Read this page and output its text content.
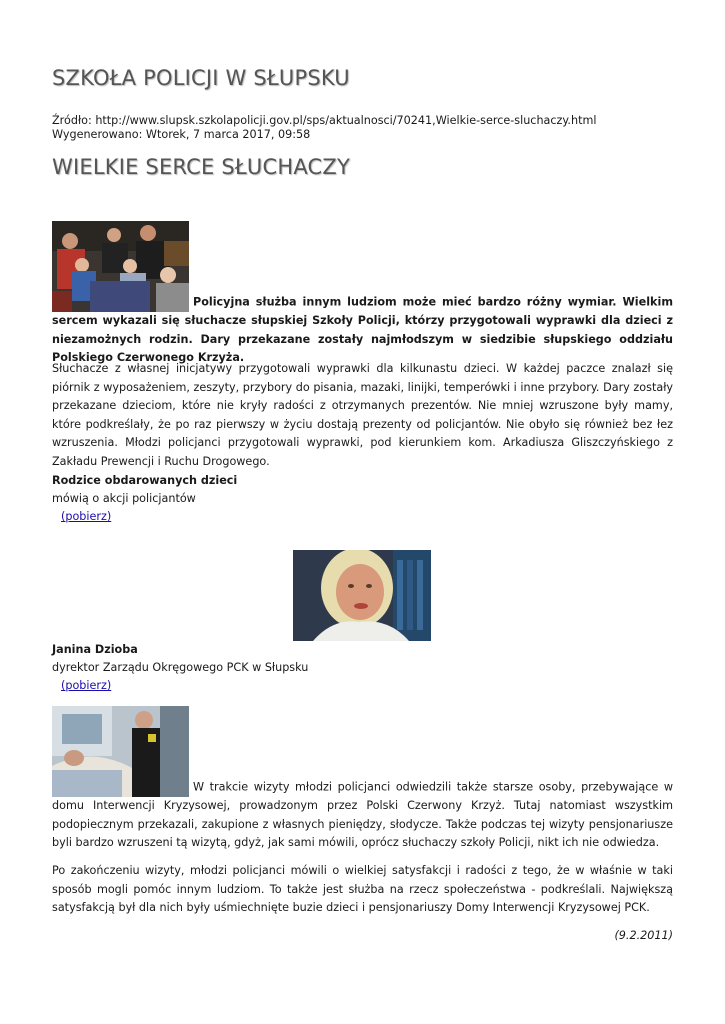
SZKOŁA POLICJI W SŁUPSKU
Źródło: http://www.slupsk.szkolapolicji.gov.pl/sps/aktualnosci/70241,Wielkie-serce-sluchaczy.html
Wygenerowano: Wtorek, 7 marca 2017, 09:58
WIELKIE SERCE SŁUCHACZY
Policyjna służba innym ludziom może mieć bardzo różny wymiar. Wielkim sercem wykazali się słuchacze słupskiej Szkoły Policji, którzy przygotowali wyprawki dla dzieci z niezamożnych rodzin. Dary przekazane zostały najmłodszym w siedzibie słupskiego oddziału Polskiego Czerwonego Krzyża.
Słuchacze z własnej inicjatywy przygotowali wyprawki dla kilkunastu dzieci. W każdej paczce znalazł się piórnik z wyposażeniem, zeszyty, przybory do pisania, mazaki, linijki, temperówki i inne przybory. Dary zostały przekazane dzieciom, które nie kryły radości z otrzymanych prezentów. Nie mniej wzruszone były mamy, które podkreślały, że po raz pierwszy w życiu dostają prezenty od policjantów. Nie obyło się również bez łez wzruszenia. Młodzi policjanci przygotowali wyprawki, pod kierunkiem kom. Arkadiusza Gliszczyńskiego z Zakładu Prewencji i Ruchu Drogowego.
Rodzice obdarowanych dzieci
mówią o akcji policjantów
(pobierz)
Janina Dzioba
dyrektor Zarządu Okręgowego PCK w Słupsku
(pobierz)
W trakcie wizyty młodzi policjanci odwiedzili także starsze osoby, przebywające w domu Interwencji Kryzysowej, prowadzonym przez Polski Czerwony Krzyż. Tutaj natomiast wszystkim podopiecznym przekazali, zakupione z własnych pieniędzy, słodycze. Także podczas tej wizyty pensjonariusze byli bardzo wzruszeni tą wizytą, gdyż, jak sami mówili, oprócz słuchaczy szkoły Policji, nikt ich nie odwiedza.
Po zakończeniu wizyty, młodzi policjanci mówili o wielkiej satysfakcji i radości z tego, że w właśnie w taki sposób mogli pomóc innym ludziom. To także jest służba na rzecz społeczeństwa - podkreślali. Największą satysfakcją był dla nich były uśmiechnięte buzie dzieci i pensjonariuszy Domy Interwencji Kryzysowej PCK.
(9.2.2011)
